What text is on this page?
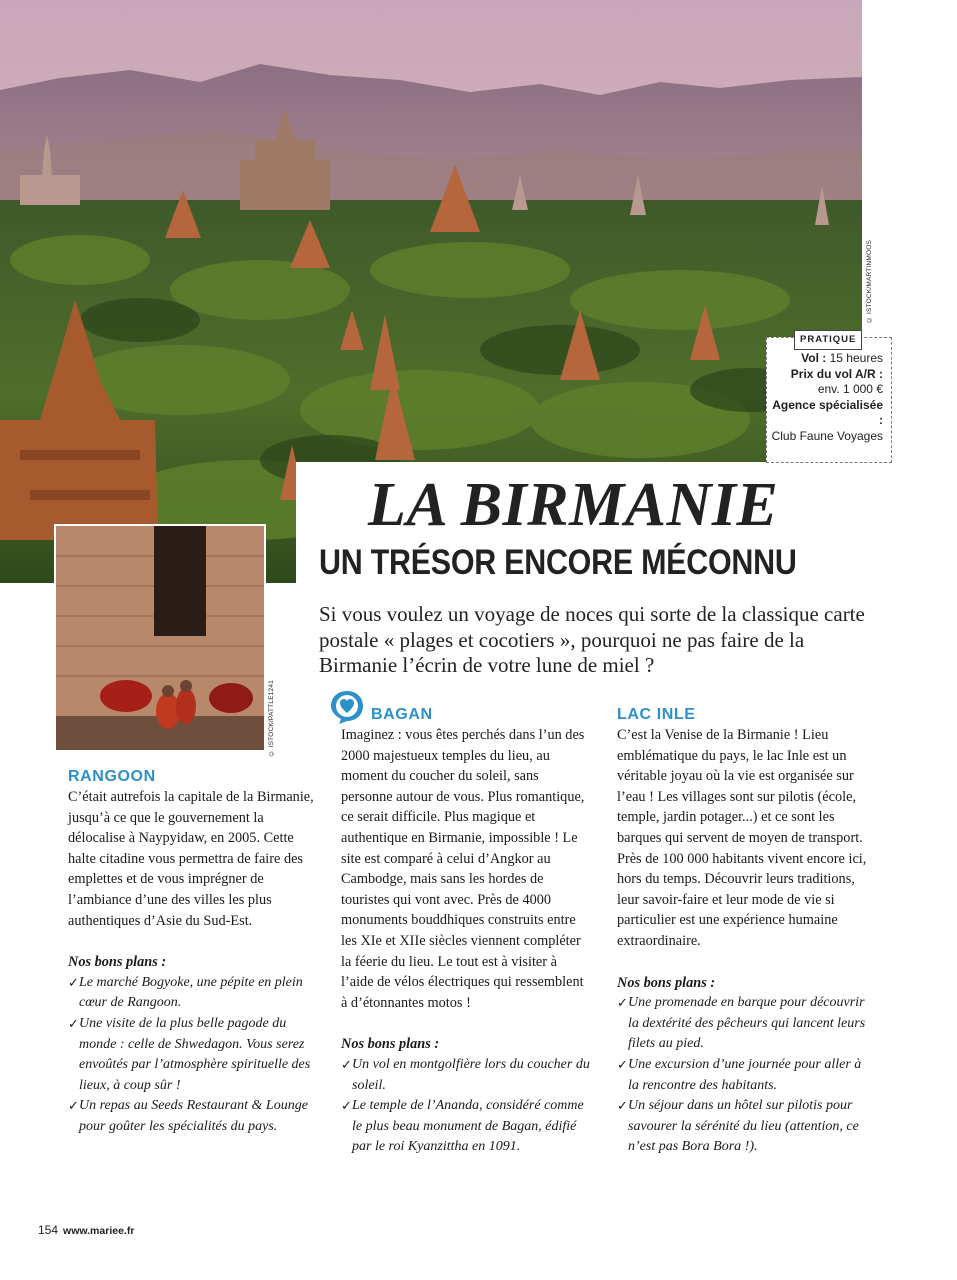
© ISTOCK/MARTINMOOS
© ISTOCK/PATTLE1241
PRATIQUE
Vol : 15 heures
Prix du vol A/R :
env. 1 000 €
Agence spécialisée :
Club Faune Voyages
LA BIRMANIE
UN TRÉSOR ENCORE MÉCONNU

Si vous voulez un voyage de noces qui sorte de la classique carte postale « plages et cocotiers », pourquoi ne pas faire de la Birmanie l’écrin de votre lune de miel ?

RANGOON

C’était autrefois la capitale de la Birmanie, jusqu’à ce que le gouvernement la délocalise à Naypyidaw, en 2005. Cette halte citadine vous permettra de faire des emplettes et de vous imprégner de l’ambiance d’une des villes les plus authentiques d’Asie du Sud-Est.

Nos bons plans :

✓ Le marché Bogyoke, une pépite en plein cœur de Rangoon.
✓ Une visite de la plus belle pagode du monde : celle de Shwedagon. Vous serez envoûtés par l’atmosphère spirituelle des lieux, à coup sûr !
✓ Un repas au Seeds Restaurant & Lounge pour goûter les spécialités du pays.
BAGAN

Imaginez : vous êtes perchés dans l’un des 2000 majestueux temples du lieu, au moment du coucher du soleil, sans personne autour de vous. Plus romantique, ce serait difficile. Plus magique et authentique en Birmanie, impossible ! Le site est comparé à celui d’Angkor au Cambodge, mais sans les hordes de touristes qui vont avec. Près de 4000 monuments bouddhiques construits entre les XIe et XIIe siècles viennent compléter la féerie du lieu. Le tout est à visiter à l’aide de vélos électriques qui ressemblent à d’étonnantes motos !

Nos bons plans :

✓ Un vol en montgolfière lors du coucher du soleil.
✓ Le temple de l’Ananda, considéré comme le plus beau monument de Bagan, édifié par le roi Kyanzittha en 1091.
LAC INLE

C’est la Venise de la Birmanie ! Lieu emblématique du pays, le lac Inle est un véritable joyau où la vie est organisée sur l’eau ! Les villages sont sur pilotis (école, temple, jardin potager...) et ce sont les barques qui servent de moyen de transport. Près de 100 000 habitants vivent encore ici, hors du temps. Découvrir leurs traditions, leur savoir-faire et leur mode de vie si particulier est une expérience humaine extraordinaire.

Nos bons plans :

✓ Une promenade en barque pour découvrir la dextérité des pêcheurs qui lancent leurs filets au pied.
✓ Une excursion d’une journée pour aller à la rencontre des habitants.
✓ Un séjour dans un hôtel sur pilotis pour savourer la sérénité du lieu (attention, ce n’est pas Bora Bora !).
154 www.mariee.fr
